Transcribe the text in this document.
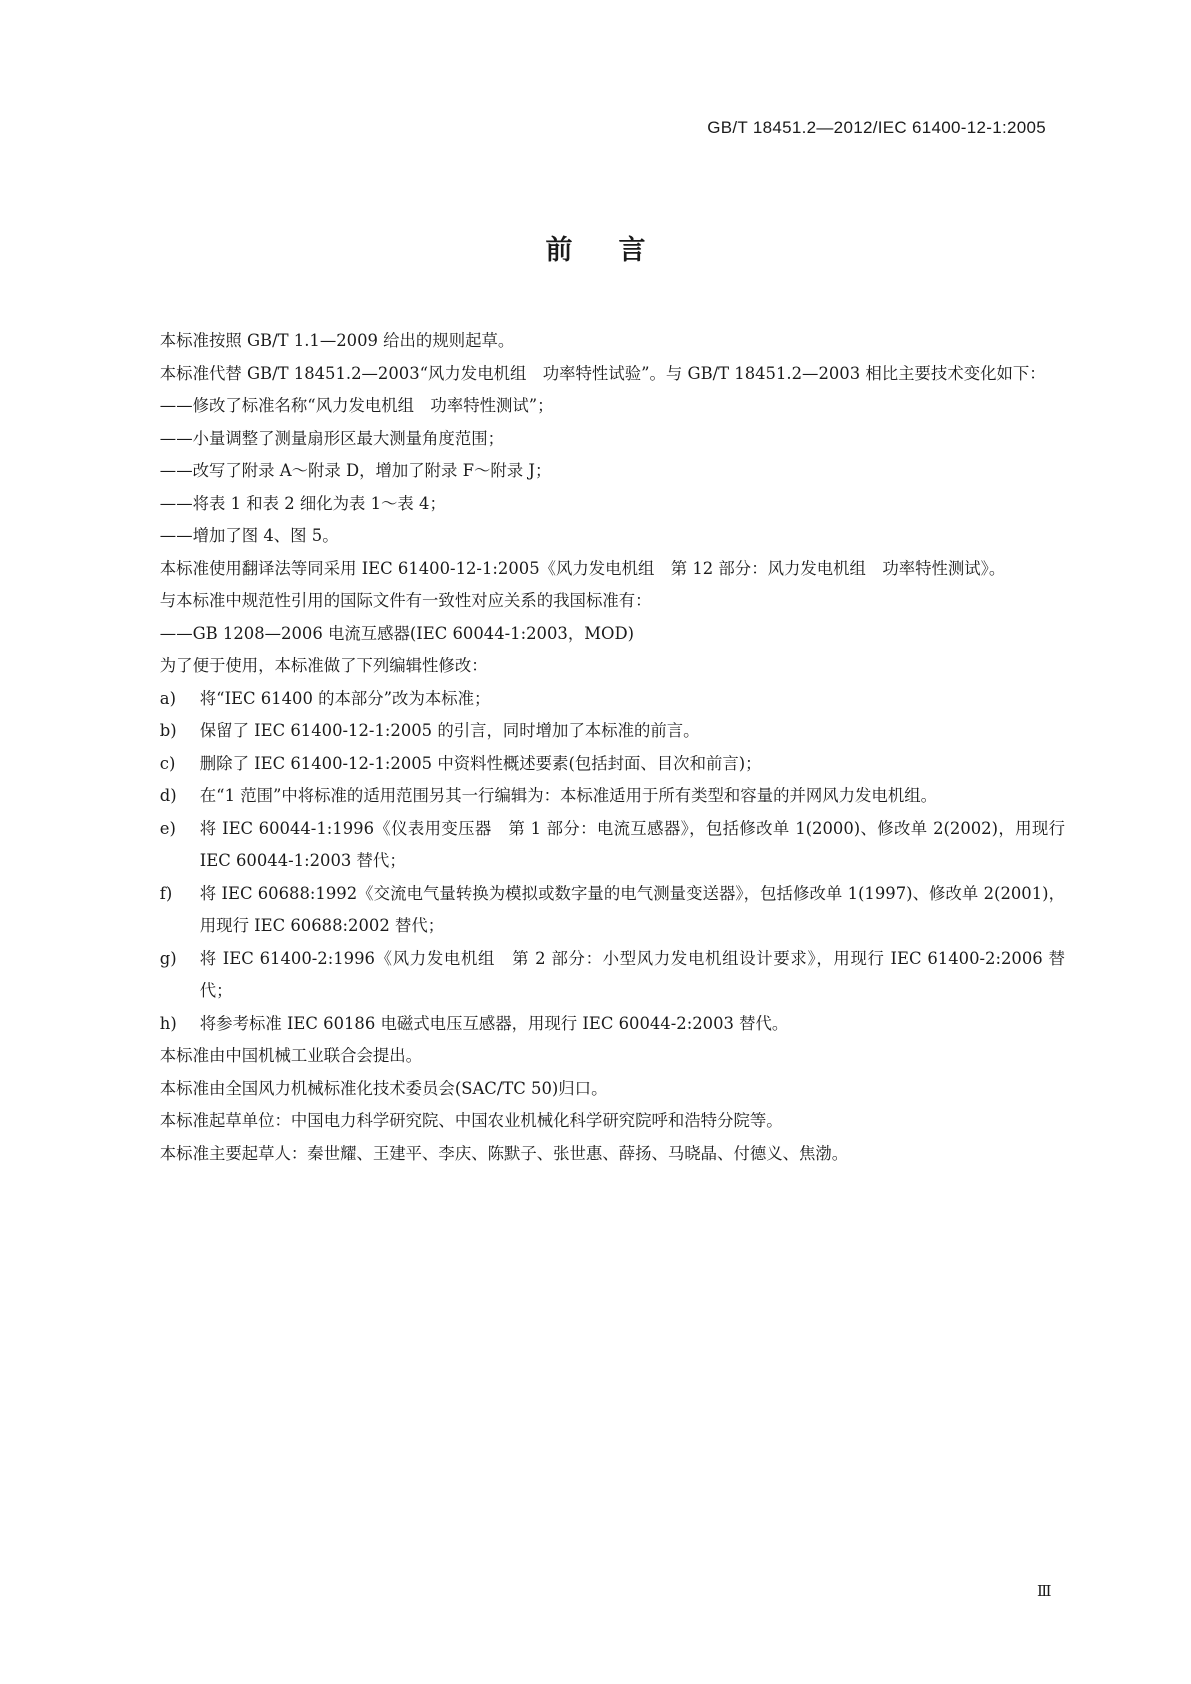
GB/T 18451.2—2012/IEC 61400-12-1:2005
前言

本标准按照 GB/T 1.1—2009 给出的规则起草。

本标准代替 GB/T 18451.2—2003“风力发电机组　功率特性试验”。与 GB/T 18451.2—2003 相比主要技术变化如下：

——修改了标准名称“风力发电机组　功率特性测试”；

——小量调整了测量扇形区最大测量角度范围；

——改写了附录 A～附录 D，增加了附录 F～附录 J；

——将表 1 和表 2 细化为表 1～表 4；

——增加了图 4、图 5。

本标准使用翻译法等同采用 IEC 61400-12-1:2005《风力发电机组　第 12 部分：风力发电机组　功率特性测试》。

与本标准中规范性引用的国际文件有一致性对应关系的我国标准有：

——GB 1208—2006 电流互感器(IEC 60044-1:2003，MOD)

为了便于使用，本标准做了下列编辑性修改：

a)	将“IEC 61400 的本部分”改为本标准；
b)	保留了 IEC 61400-12-1:2005 的引言，同时增加了本标准的前言。
c)	删除了 IEC 61400-12-1:2005 中资料性概述要素(包括封面、目次和前言)；
d)	在“1 范围”中将标准的适用范围另其一行编辑为：本标准适用于所有类型和容量的并网风力发电机组。
e)	将 IEC 60044-1:1996《仪表用变压器　第 1 部分：电流互感器》，包括修改单 1(2000)、修改单 2(2002)，用现行 IEC 60044-1:2003 替代；
f)	将 IEC 60688:1992《交流电气量转换为模拟或数字量的电气测量变送器》，包括修改单 1(1997)、修改单 2(2001)，用现行 IEC 60688:2002 替代；
g)	将 IEC 61400-2:1996《风力发电机组　第 2 部分：小型风力发电机组设计要求》，用现行 IEC 61400-2:2006 替代；
h)	将参考标准 IEC 60186 电磁式电压互感器，用现行 IEC 60044-2:2003 替代。

本标准由中国机械工业联合会提出。

本标准由全国风力机械标准化技术委员会(SAC/TC 50)归口。

本标准起草单位：中国电力科学研究院、中国农业机械化科学研究院呼和浩特分院等。

本标准主要起草人：秦世耀、王建平、李庆、陈默子、张世惠、薛扬、马晓晶、付德义、焦渤。

Ⅲ
